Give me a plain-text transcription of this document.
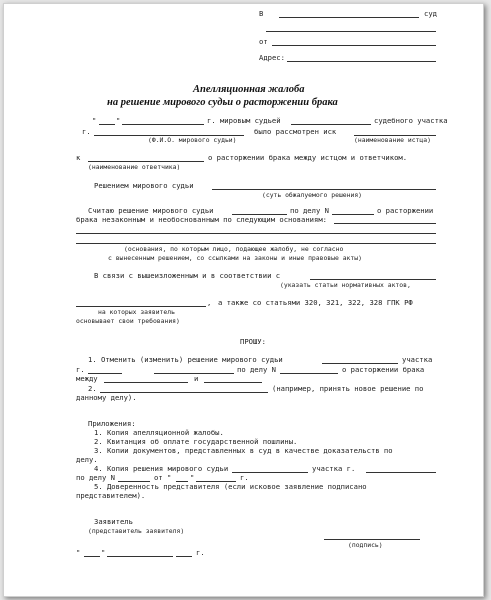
В	суд
от
Адрес:
Апелляционная жалоба
на решение мирового судьи о расторжении брака
"	"	г. мировым судьей	судебного участка
г.	было рассмотрен иск
(Ф.И.О. мирового судьи)	(наименование истца)
к	о расторжении брака между истцом и ответчиком.
(наименование ответчика)
Решением мирового судьи
(суть обжалуемого решения)
Считаю решение мирового судьи	по делу N	о расторжении
брака незаконным и необоснованным по следующим основаниям:
(основания, по которым лицо, подающее жалобу, не согласно
с вынесенным решением, со ссылками на законы и иные правовые акты)
В связи с вышеизложенным и в соответствии с
(указать статьи нормативных актов,
, а также со статьями 320, 321, 322, 328 ГПК РФ
на которых заявитель
основывает свои требования)
ПРОШУ:
1. Отменить (изменить) решение мирового судьи	участка
г.	по делу N	о расторжении брака
между	и
2.	(например, принять новое решение по
данному делу).
Приложения:
1. Копия апелляционной жалобы.
2. Квитанция об оплате государственной пошлины.
3. Копии документов, представленных в суд в качестве доказательств по
делу.
4. Копия решения мирового судьи	участка г.
по делу N	от "	"	г.
5. Доверенность представителя (если исковое заявление подписано
представителем).
Заявитель
(представитель заявителя)
(подпись)
"	"	г.
